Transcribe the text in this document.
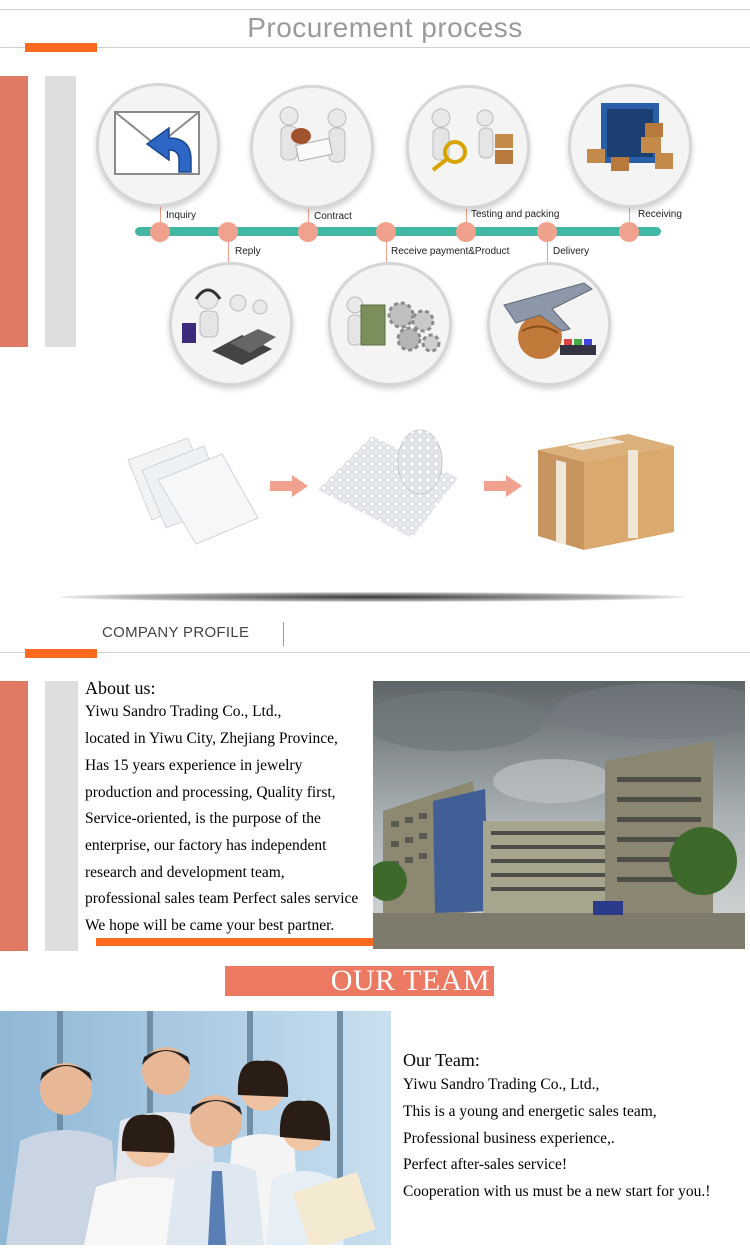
Procurement process
Inquiry	Contract	Testing and packing	Receiving
Reply	Receive payment&Product	Delivery
COMPANY PROFILE
About us:
Yiwu Sandro Trading Co., Ltd.,
located in Yiwu City, Zhejiang Province,
Has 15 years experience in jewelry
production and processing, Quality first,
Service-oriented, is the purpose of the
enterprise, our factory has independent
research and development team,
professional sales team Perfect sales service
We hope will be came your best partner.
OUR TEAM
Our Team:
Yiwu Sandro Trading Co., Ltd.,
This is a young and energetic sales team,
Professional business experience,.
Perfect after-sales service!
Cooperation with us must be a new start for you.!
